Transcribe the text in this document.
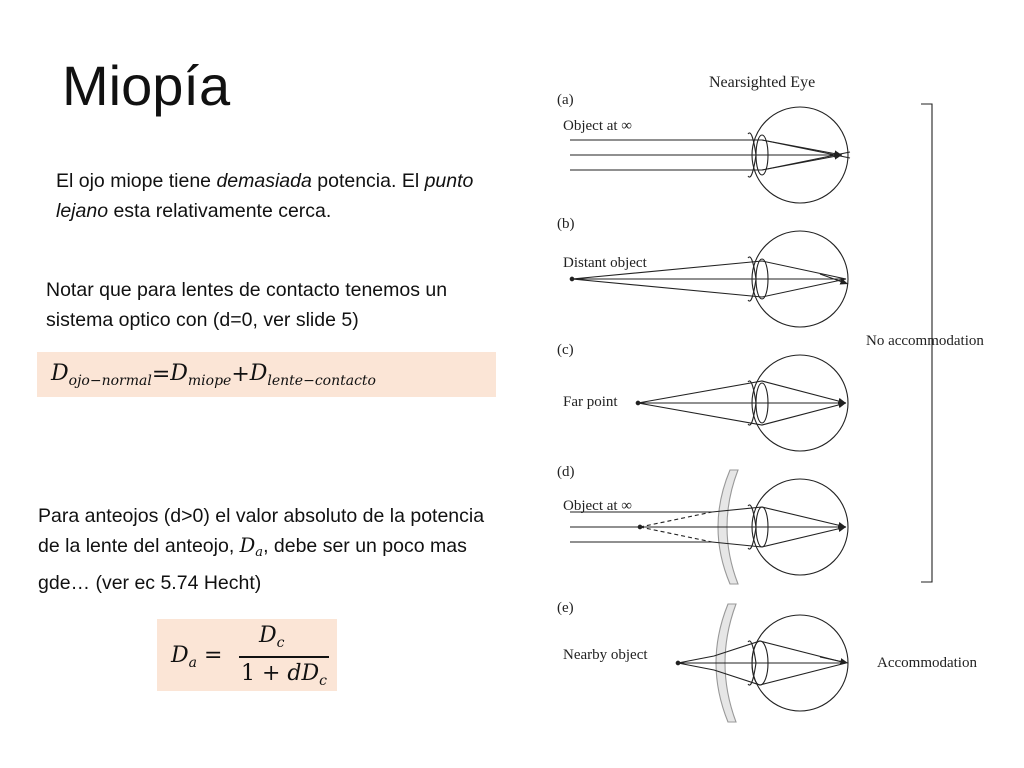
Miopía

El ojo miope tiene demasiada potencia. El punto lejano esta relativamente cerca.

Notar que para lentes de contacto tenemos un sistema optico con (d=0, ver slide 5)

$D_{ojo-normal} = D_{miope} + D_{lente-contacto}$

Para anteojos (d>0) el valor absoluto de la potencia de la lente del anteojo, $D_a$, debe ser un poco mas gde… (ver ec 5.74 Hecht)

$D_a$ =
$D_c$
$1 + dD_c$
Nearsighted Eye
(a)
Object at ∞
(b)
Distant object
(c)
Far point
(d)
Object at ∞
(e)
Nearby object
No accommodation
Accommodation
